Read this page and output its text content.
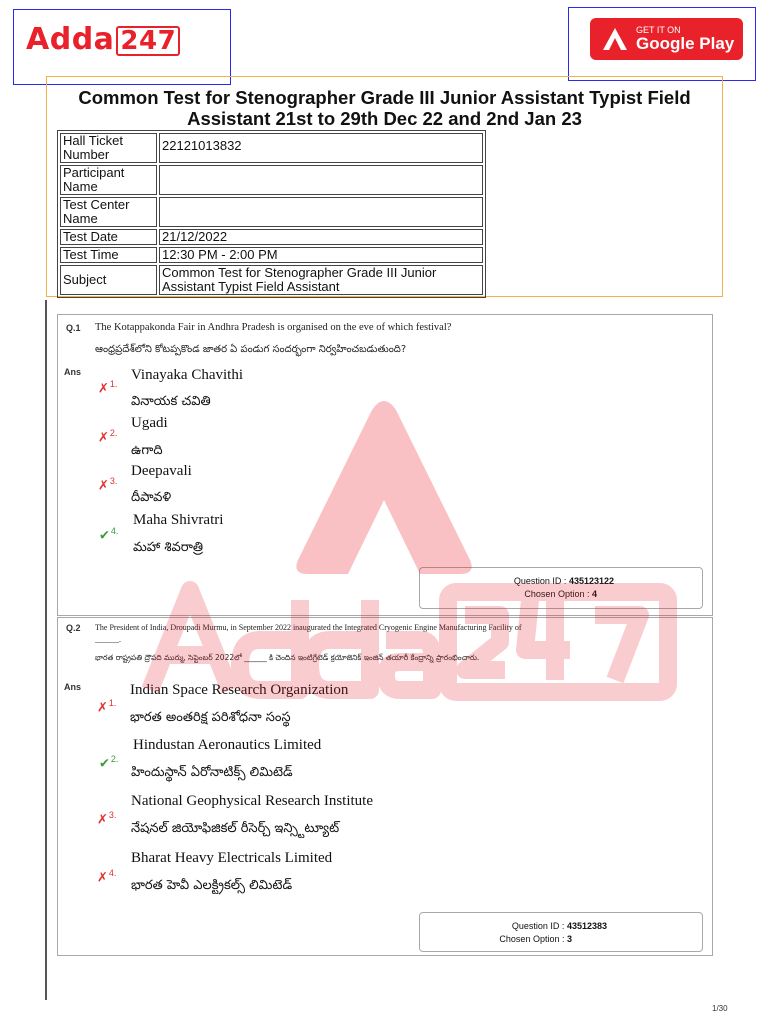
Adda 247	GET IT ON
Google Play
Common Test for Stenographer Grade III Junior Assistant Typist Field Assistant 21st to 29th Dec 22 and 2nd Jan 23
Hall Ticket Number	22121013832
Participant Name	
Test Center Name	
Test Date	21/12/2022
Test Time	12:30 PM - 2:00 PM
Subject	Common Test for Stenographer Grade III Junior Assistant Typist Field Assistant
Q.1 The Kotappakonda Fair in Andhra Pradesh is organised on the eve of which festival?
ఆంధ్రప్రదేశ్‌లోని కోటప్పకొండ జాతర ఏ పండుగ సందర్భంగా నిర్వహించబడుతుంది?
Ans
✗$^{1.}$
Vinayaka Chavithi
వినాయక చవితి
✗$^{2.}$
Ugadi
ఉగాది
✗$^{3.}$
Deepavali
దీపావళి
✔$^{4.}$
Maha Shivratri
మహా శివరాత్రి
Question ID : 435123122
Chosen Option : 4
Q.2 The President of India, Droupadi Murmu, in September 2022 inaugurated the Integrated Cryogenic Engine Manufacturing Facility of ______.
భారత రాష్ట్రపతి ద్రౌపది ముర్ము, సెప్టెంబర్ 2022లో ______ కి చెందిన ఇంటిగ్రేటెడ్ క్రయోజెనిక్ ఇంజిన్ తయారీ కేంద్రాన్ని ప్రారంభించారు.
Ans
✗$^{1.}$
Indian Space Research Organization
భారత అంతరిక్ష పరిశోధనా సంస్థ
✔$^{2.}$
Hindustan Aeronautics Limited
హిందుస్థాన్ ఏరోనాటిక్స్ లిమిటెడ్
✗$^{3.}$
National Geophysical Research Institute
నేషనల్ జియోఫిజికల్ రీసెర్చ్ ఇన్స్టిట్యూట్
✗$^{4.}$
Bharat Heavy Electricals Limited
భారత హెవీ ఎలక్ట్రికల్స్ లిమిటెడ్
Question ID : 43512383
Chosen Option : 3
1/30
